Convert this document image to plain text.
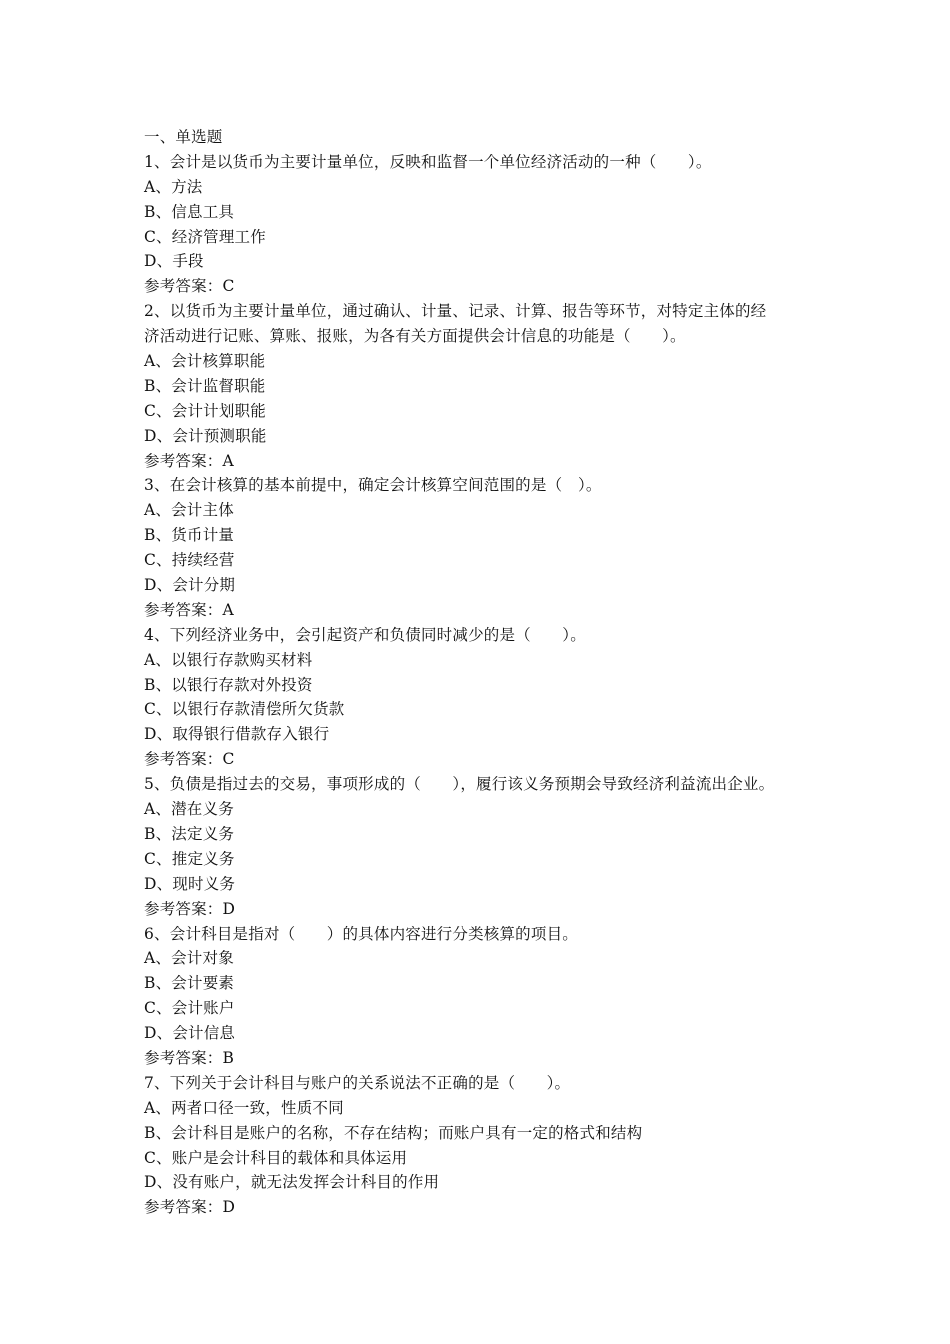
一、单选题
1、会计是以货币为主要计量单位，反映和监督一个单位经济活动的一种（　　）。
A、方法
B、信息工具
C、经济管理工作
D、手段
参考答案：C
2、以货币为主要计量单位，通过确认、计量、记录、计算、报告等环节，对特定主体的经
济活动进行记账、算账、报账，为各有关方面提供会计信息的功能是（　　）。
A、会计核算职能
B、会计监督职能
C、会计计划职能
D、会计预测职能
参考答案：A
3、在会计核算的基本前提中，确定会计核算空间范围的是（　）。
A、会计主体
B、货币计量
C、持续经营
D、会计分期
参考答案：A
4、下列经济业务中，会引起资产和负债同时减少的是（　　）。
A、以银行存款购买材料
B、以银行存款对外投资
C、以银行存款清偿所欠货款
D、取得银行借款存入银行
参考答案：C
5、负债是指过去的交易，事项形成的（　　），履行该义务预期会导致经济利益流出企业。
A、潜在义务
B、法定义务
C、推定义务
D、现时义务
参考答案：D
6、会计科目是指对（　　）的具体内容进行分类核算的项目。
A、会计对象
B、会计要素
C、会计账户
D、会计信息
参考答案：B
7、下列关于会计科目与账户的关系说法不正确的是（　　）。
A、两者口径一致，性质不同
B、会计科目是账户的名称，不存在结构；而账户具有一定的格式和结构
C、账户是会计科目的载体和具体运用
D、没有账户，就无法发挥会计科目的作用
参考答案：D
